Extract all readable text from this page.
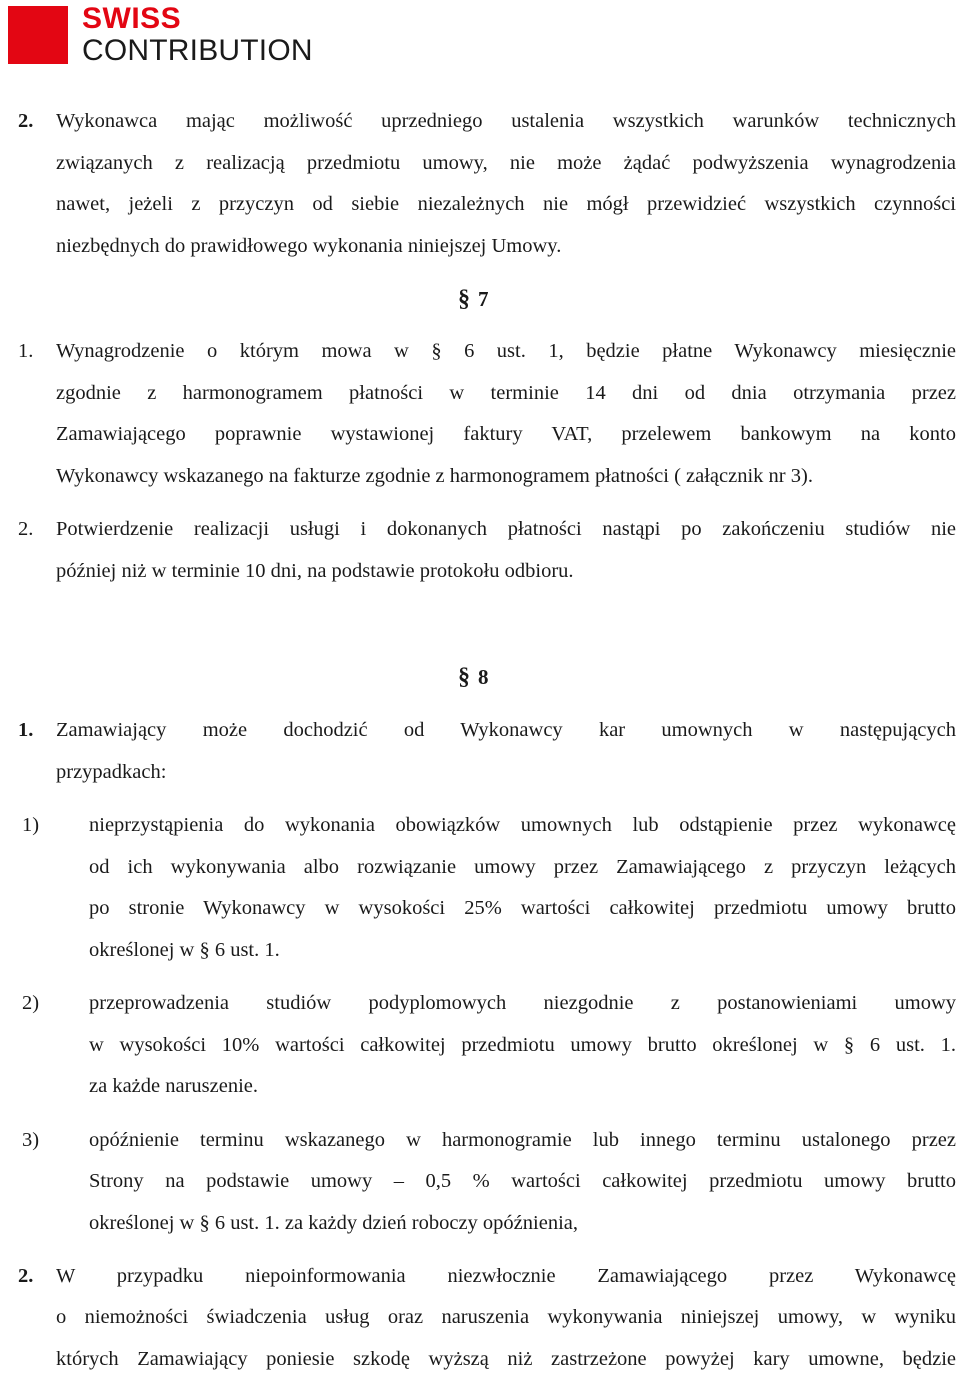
SWISS
CONTRIBUTION
2. Wykonawca mając możliwość uprzedniego ustalenia wszystkich warunków technicznych
związanych z realizacją przedmiotu umowy, nie może żądać podwyższenia wynagrodzenia
nawet, jeżeli z przyczyn od siebie niezależnych nie mógł przewidzieć wszystkich czynności
niezbędnych do prawidłowego wykonania niniejszej Umowy.
§ 7
1. Wynagrodzenie o którym mowa w § 6 ust. 1, będzie płatne Wykonawcy miesięcznie
zgodnie z harmonogramem płatności w terminie 14 dni od dnia otrzymania przez
Zamawiającego poprawnie wystawionej faktury VAT, przelewem bankowym na konto
Wykonawcy wskazanego na fakturze zgodnie z harmonogramem płatności ( załącznik nr 3).
2. Potwierdzenie realizacji usługi i dokonanych płatności nastąpi po zakończeniu studiów nie
później niż w terminie 10 dni, na podstawie protokołu odbioru.
§ 8
1. Zamawiający może dochodzić od Wykonawcy kar umownych w następujących
przypadkach:
1) nieprzystąpienia do wykonania obowiązków umownych lub odstąpienie przez wykonawcę
od ich wykonywania albo rozwiązanie umowy przez Zamawiającego z przyczyn leżących
po stronie Wykonawcy w wysokości 25% wartości całkowitej przedmiotu umowy brutto
określonej w § 6 ust. 1.
2) przeprowadzenia studiów podyplomowych niezgodnie z postanowieniami umowy
w wysokości 10% wartości całkowitej przedmiotu umowy brutto określonej w § 6 ust. 1.
za każde naruszenie.
3) opóźnienie terminu wskazanego w harmonogramie lub innego terminu ustalonego przez
Strony na podstawie umowy – 0,5 % wartości całkowitej przedmiotu umowy brutto
określonej w § 6 ust. 1. za każdy dzień roboczy opóźnienia,
2. W przypadku niepoinformowania niezwłocznie Zamawiającego przez Wykonawcę
o niemożności świadczenia usług oraz naruszenia wykonywania niniejszej umowy, w wyniku
których Zamawiający poniesie szkodę wyższą niż zastrzeżone powyżej kary umowne, będzie
